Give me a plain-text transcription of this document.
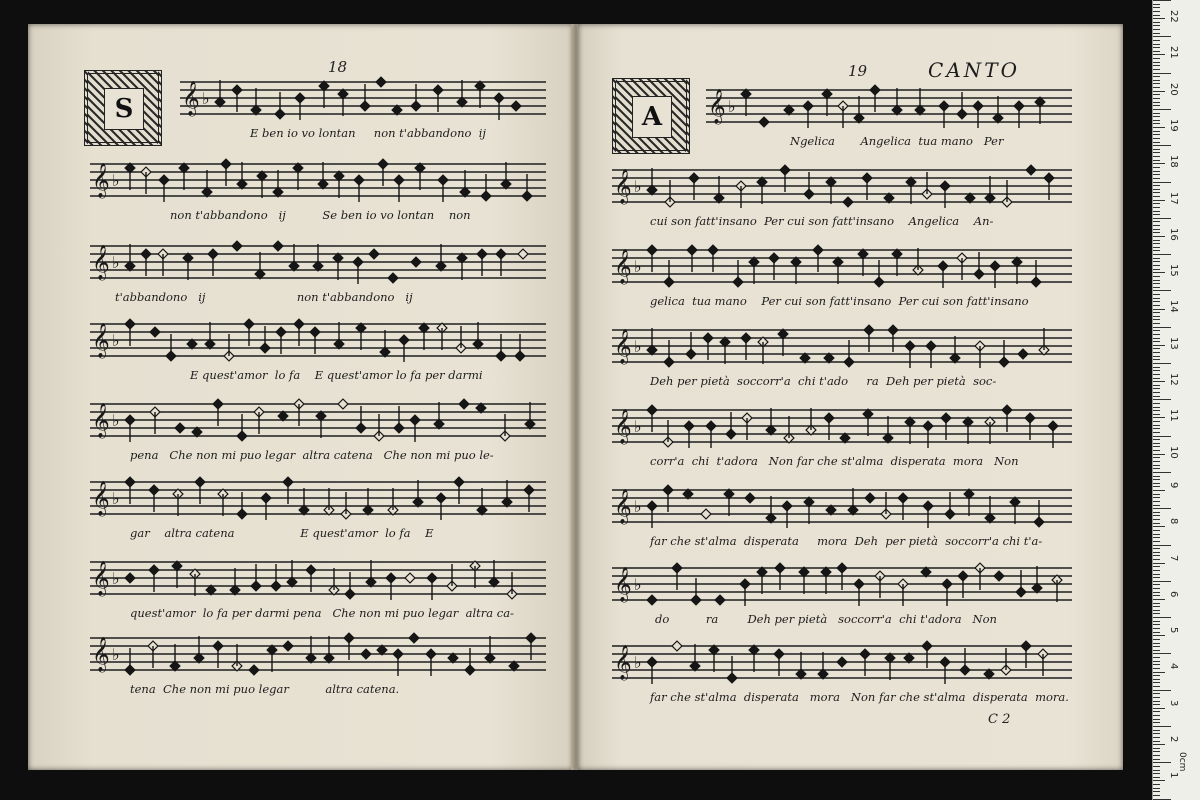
18
S
19	CANTO
A
C 2
𝄞 ♭
𝄞 ♭
𝄞 ♭
𝄞 ♭
𝄞 ♭
𝄞 ♭
𝄞 ♭
𝄞 ♭
𝄞 ♭
𝄞 ♭
𝄞 ♭
𝄞 ♭
𝄞 ♭
𝄞 ♭
𝄞 ♭
𝄞 ♭
0cm
22
21
20
19
18
17
16
15
14
13
12
11
10
9
8
7
6
5
4
3
2
1
E ben io vo lontan     non t'abbandono  ij
non t'abbandono   ij          Se ben io vo lontan    non
t'abbandono   ij                         non t'abbandono   ij
E quest'amor  lo fa    E quest'amor lo fa per darmi
pena   Che non mi puo legar  altra catena   Che non mi puo le-
gar    altra catena                  E quest'amor  lo fa    E
quest'amor  lo fa per darmi pena   Che non mi puo legar  altra ca-
tena  Che non mi puo legar          altra catena.
Ngelica       Angelica  tua mano   Per
cui son fatt'insano  Per cui son fatt'insano    Angelica    An-
gelica  tua mano    Per cui son fatt'insano  Per cui son fatt'insano
Deh per pietà  soccorr'a  chi t'ado     ra  Deh per pietà  soc-
corr'a  chi  t'adora   Non far che st'alma  disperata  mora   Non
far che st'alma  disperata     mora  Deh  per pietà  soccorr'a chi t'a-
do          ra        Deh per pietà   soccorr'a  chi t'adora   Non
far che st'alma  disperata   mora   Non far che st'alma  disperata  mora.
